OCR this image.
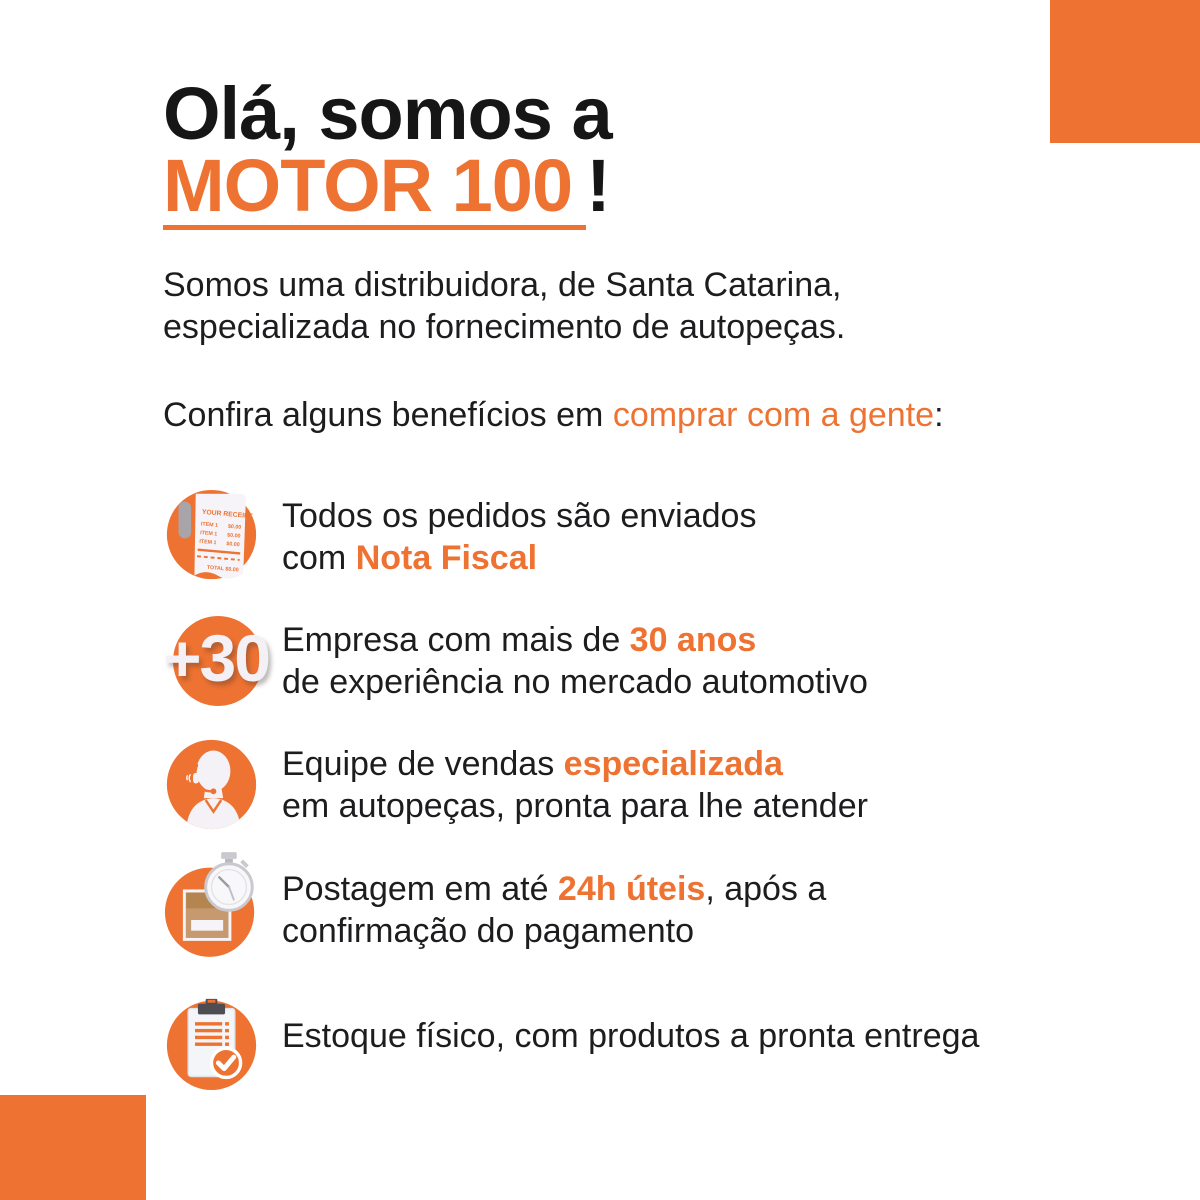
Olá, somos a
MOTOR 100 !
Somos uma distribuidora, de Santa Catarina,
especializada no fornecimento de autopeças.
Confira alguns benefícios em comprar com a gente:
YOUR RECEIPT
ITEM 1 $0.00
ITEM 1 $0.00
ITEM 1 $0.00
TOTAL $0.00
Todos os pedidos são enviados
com Nota Fiscal
+30 Empresa com mais de 30 anos
de experiência no mercado automotivo
Equipe de vendas especializada
em autopeças, pronta para lhe atender
Postagem em até 24h úteis, após a
confirmação do pagamento
Estoque físico, com produtos a pronta entrega
